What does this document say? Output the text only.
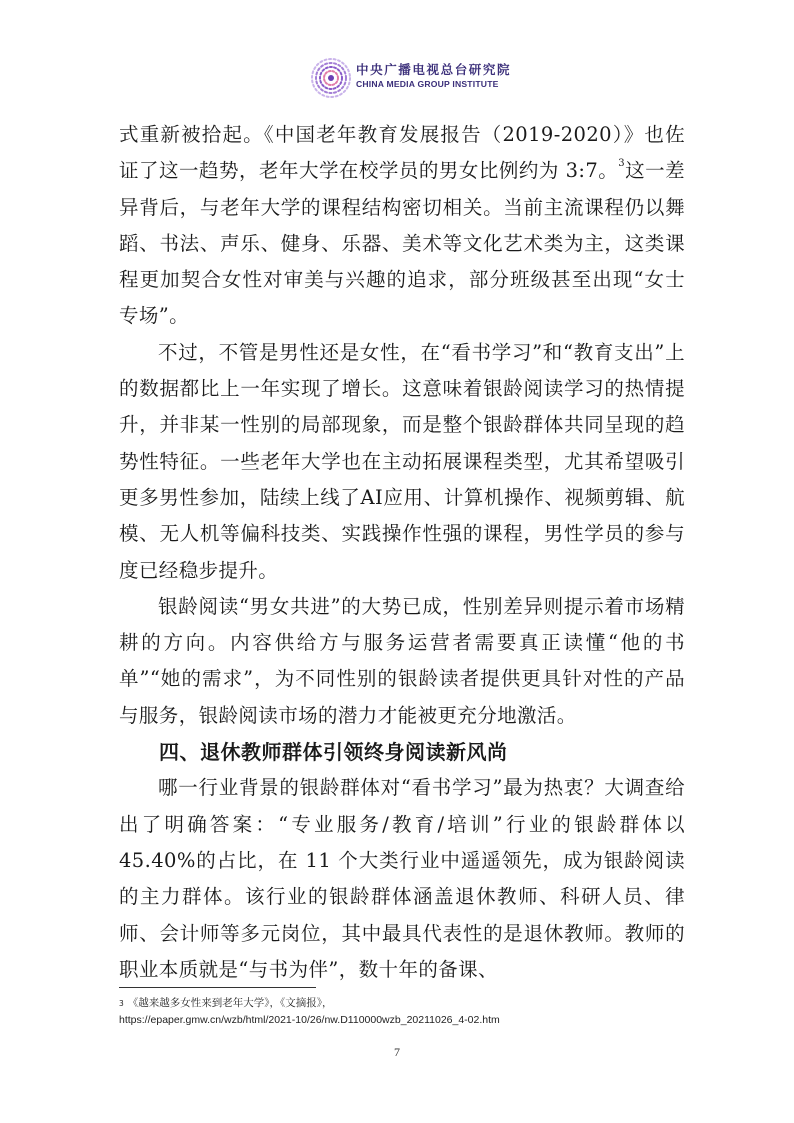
中央广播电视总台研究院
CHINA MEDIA GROUP INSTITUTE

式重新被拾起。《中国老年教育发展报告（2019-2020）》也佐证了这一趋势，老年大学在校学员的男女比例约为 3:7。$^3$这一差异背后，与老年大学的课程结构密切相关。当前主流课程仍以舞蹈、书法、声乐、健身、乐器、美术等文化艺术类为主，这类课程更加契合女性对审美与兴趣的追求，部分班级甚至出现“女士专场”。

不过，不管是男性还是女性，在“看书学习”和“教育支出”上的数据都比上一年实现了增长。这意味着银龄阅读学习的热情提升，并非某一性别的局部现象，而是整个银龄群体共同呈现的趋势性特征。一些老年大学也在主动拓展课程类型，尤其希望吸引更多男性参加，陆续上线了AI应用、计算机操作、视频剪辑、航模、无人机等偏科技类、实践操作性强的课程，男性学员的参与度已经稳步提升。

银龄阅读“男女共进”的大势已成，性别差异则提示着市场精耕的方向。内容供给方与服务运营者需要真正读懂“他的书单”“她的需求”，为不同性别的银龄读者提供更具针对性的产品与服务，银龄阅读市场的潜力才能被更充分地激活。

四、退休教师群体引领终身阅读新风尚

哪一行业背景的银龄群体对“看书学习”最为热衷？大调查给出了明确答案：“专业服务/教育/培训”行业的银龄群体以 45.40%的占比，在 11 个大类行业中遥遥领先，成为银龄阅读的主力群体。该行业的银龄群体涵盖退休教师、科研人员、律师、会计师等多元岗位，其中最具代表性的是退休教师。教师的职业本质就是“与书为伴”，数十年的备课、

$^3$ 《越来越多女性来到老年大学》，《文摘报》，
https://epaper.gmw.cn/wzb/html/2021-10/26/nw.D110000wzb_20211026_4-02.htm
7
